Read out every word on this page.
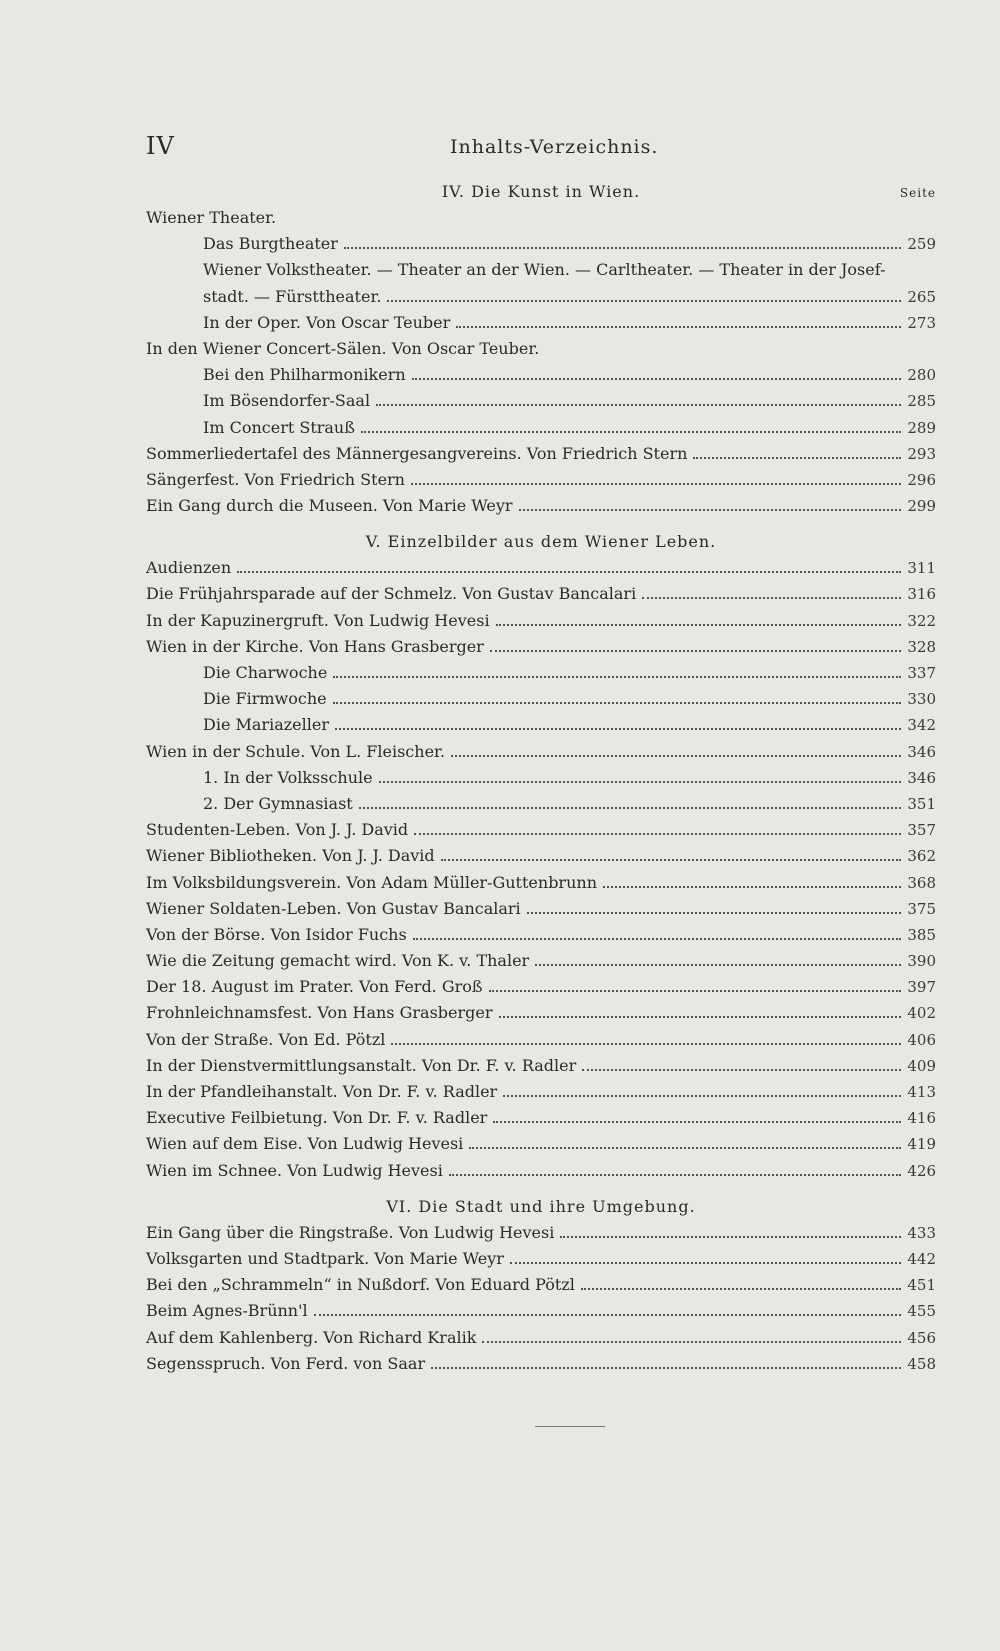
IV	Inhalts-Verzeichnis.
IV. Die Kunst in Wien.	Seite
Wiener Theater.
Das Burgtheater	259
Wiener Volkstheater. — Theater an der Wien. — Carltheater. — Theater in der Josef-
stadt. — Fürsttheater.	265
In der Oper. Von Oscar Teuber	273
In den Wiener Concert-Sälen. Von Oscar Teuber.
Bei den Philharmonikern	280
Im Bösendorfer-Saal	285
Im Concert Strauß	289
Sommerliedertafel des Männergesangvereins. Von Friedrich Stern	293
Sängerfest. Von Friedrich Stern	296
Ein Gang durch die Museen. Von Marie Weyr	299
V. Einzelbilder aus dem Wiener Leben.
Audienzen	311
Die Frühjahrsparade auf der Schmelz. Von Gustav Bancalari	316
In der Kapuzinergruft. Von Ludwig Hevesi	322
Wien in der Kirche. Von Hans Grasberger	328
Die Charwoche	337
Die Firmwoche	330
Die Mariazeller	342
Wien in der Schule. Von L. Fleischer.	346
1. In der Volksschule	346
2. Der Gymnasiast	351
Studenten-Leben. Von J. J. David	357
Wiener Bibliotheken. Von J. J. David	362
Im Volksbildungsverein. Von Adam Müller-Guttenbrunn	368
Wiener Soldaten-Leben. Von Gustav Bancalari	375
Von der Börse. Von Isidor Fuchs	385
Wie die Zeitung gemacht wird. Von K. v. Thaler	390
Der 18. August im Prater. Von Ferd. Groß	397
Frohnleichnamsfest. Von Hans Grasberger	402
Von der Straße. Von Ed. Pötzl	406
In der Dienstvermittlungsanstalt. Von Dr. F. v. Radler	409
In der Pfandleihanstalt. Von Dr. F. v. Radler	413
Executive Feilbietung. Von Dr. F. v. Radler	416
Wien auf dem Eise. Von Ludwig Hevesi	419
Wien im Schnee. Von Ludwig Hevesi	426
VI. Die Stadt und ihre Umgebung.
Ein Gang über die Ringstraße. Von Ludwig Hevesi	433
Volksgarten und Stadtpark. Von Marie Weyr	442
Bei den „Schrammeln“ in Nußdorf. Von Eduard Pötzl	451
Beim Agnes-Brünn'l	455
Auf dem Kahlenberg. Von Richard Kralik	456
Segensspruch. Von Ferd. von Saar	458
